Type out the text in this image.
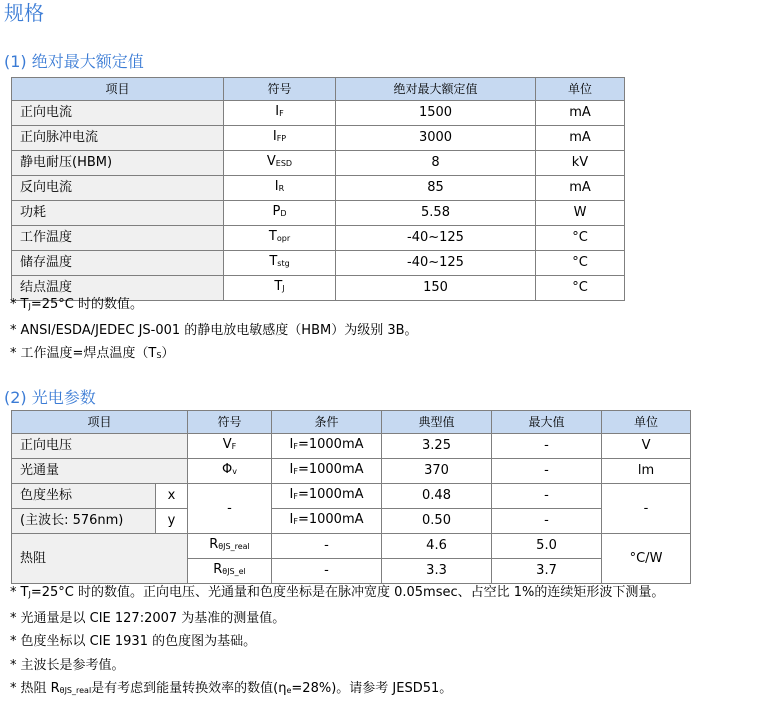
规格
(1) 绝对最大额定值
项目	符号	绝对最大额定值	单位
正向电流	IF	1500	mA
正向脉冲电流	IFP	3000	mA
静电耐压(HBM)	VESD	8	kV
反向电流	IR	85	mA
功耗	PD	5.58	W
工作温度	Topr	-40~125	°C
储存温度	Tstg	-40~125	°C
结点温度	TJ	150	°C
* TJ=25°C 时的数值。
* ANSI/ESDA/JEDEC JS-001 的静电放电敏感度（HBM）为级别 3B。
* 工作温度=焊点温度（TS）
(2) 光电参数
项目		符号	条件	典型值	最大值	单位
正向电压		VF	IF=1000mA	3.25	-	V
光通量		Φv	IF=1000mA	370	-	lm
色度坐标	x	-	IF=1000mA	0.48	-	-
(主波长: 576nm)	y		IF=1000mA	0.50	-	
热阻		RθJS_real	-	4.6	5.0	°C/W
		RθJS_el	-	3.3	3.7	
* TJ=25°C 时的数值。正向电压、光通量和色度坐标是在脉冲宽度 0.05msec、占空比 1%的连续矩形波下测量。
* 光通量是以 CIE 127:2007 为基准的测量值。
* 色度坐标以 CIE 1931 的色度图为基础。
* 主波长是参考值。
* 热阻 RθJS_real是有考虑到能量转换效率的数值(ηe=28%)。请参考 JESD51。
